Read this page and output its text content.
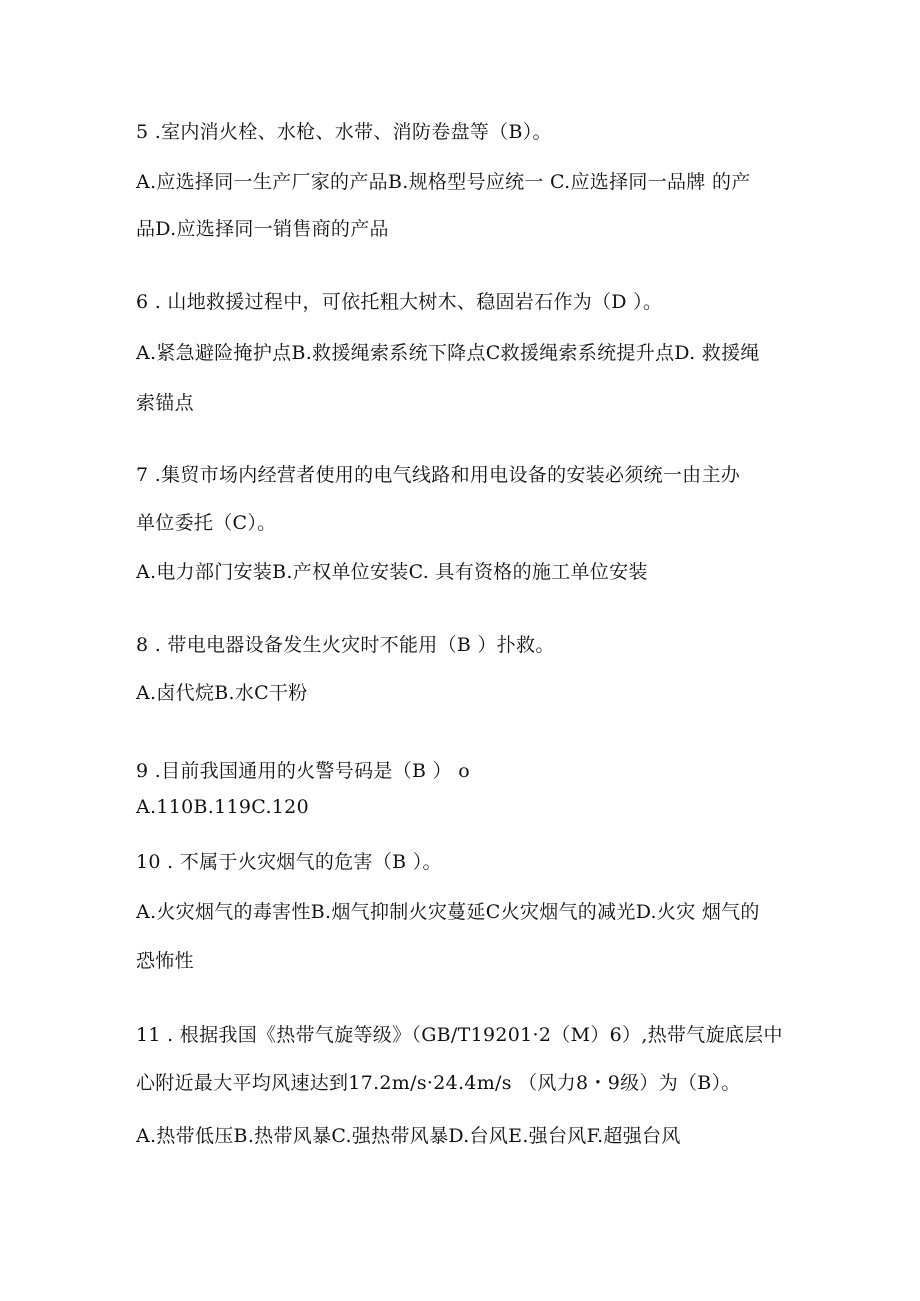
5 .室内消火栓、水枪、水带、消防卷盘等（B）。
A.应选择同一生产厂家的产品B.规格型号应统一 C.应选择同一品牌 的产
品D.应选择同一销售商的产品
6 . 山地救援过程中，可依托粗大树木、稳固岩石作为（D ）。
A.紧急避险掩护点B.救援绳索系统下降点C救援绳索系统提升点D. 救援绳
索锚点
7 .集贸市场内经营者使用的电气线路和用电设备的安装必须统一由主办
单位委托（C）。
A.电力部门安装B.产权单位安装C. 具有资格的施工单位安装
8 . 带电电器设备发生火灾时不能用（B ）扑救。
A.卤代烷B.水C干粉
9 .目前我国通用的火警号码是（B ） o
A.110B.119C.120
10 . 不属于火灾烟气的危害（B ）。
A.火灾烟气的毒害性B.烟气抑制火灾蔓延C火灾烟气的减光D.火灾 烟气的
恐怖性
11 . 根据我国《热带气旋等级》（GB/T19201·2（M）6）,热带气旋底层中
心附近最大平均风速达到17.2m/s·24.4m/s （风力8・9级）为（B）。
A.热带低压B.热带风暴C.强热带风暴D.台风E.强台风F.超强台风
